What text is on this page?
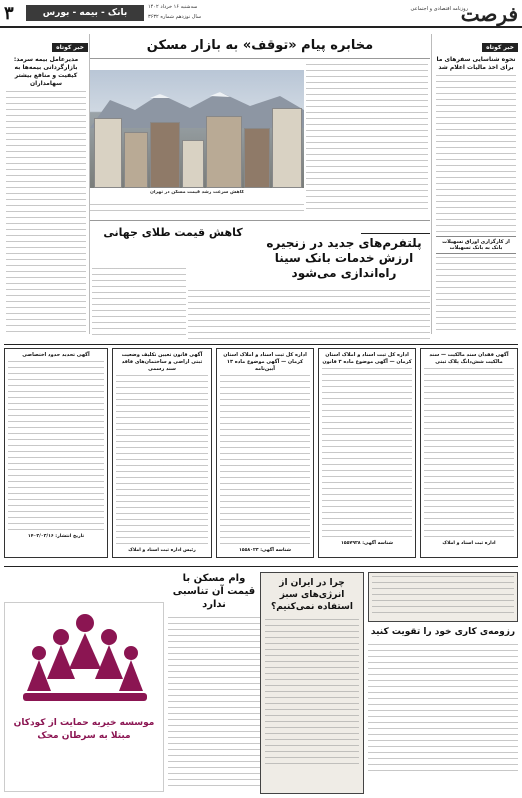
۳	بانک - بیمه - بورس
سه‌شنبه ۱۶ خرداد ۱۴۰۲
سال نوزدهم شماره ۳۶۳۲
روزنامه اقتصادی و اجتماعی
فرصت
خبر کوتاه
نحوه شناسایی سفرهای ما برای اخذ مالیات اعلام شد
از کارگزاری اوراق تسهیلات بانک به بانک تسهیلات
مخابره پیام «توقف» به بازار مسکن
کاهش سرعت رشد قیمت مسکن در تهران
خبر کوتاه
مدیرعامل بیمه سرمد: بازارگردانی بیمه‌ها به کیفیت و منافع بیشتر سهامداران
پلتفرم‌های جدید در زنجیره ارزش خدمات بانک سینا راه‌اندازی می‌شود
کاهش قیمت طلای جهانی
آگهی فقدان سند مالکیت — سند مالکیت شش‌دانگ پلاک ثبتی
اداره ثبت اسناد و املاک
اداره کل ثبت اسناد و املاک استان کرمان — آگهی موضوع ماده ۳ قانون
شناسه آگهی: ۱۵۵۷۹۲۸
اداره کل ثبت اسناد و املاک استان کرمان — آگهی موضوع ماده ۱۳ آیین‌نامه
شناسه آگهی: ۱۵۵۸۰۲۳
آگهی قانون تعیین تکلیف وضعیت ثبتی اراضی و ساختمان‌های فاقد سند رسمی
رئیس اداره ثبت اسناد و املاک
آگهی تحدید حدود اختصاصی
تاریخ انتشار: ۱۴۰۲/۰۳/۱۶
رزومه‌ی کاری خود را تقویت کنید
چرا در ایران از انرژی‌های سبز استفاده نمی‌کنیم؟
وام مسکن با قیمت آن تناسبی ندارد
موسسه خیریه حمایت از کودکان مبتلا به سرطان محک
